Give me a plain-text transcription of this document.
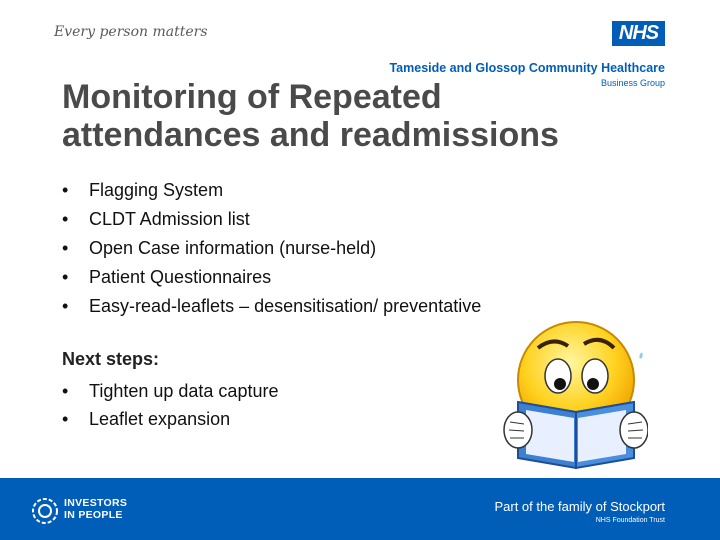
Every person matters	NHS
Tameside and Glossop Community Healthcare
Business Group
Monitoring of Repeated attendances and readmissions
•	Flagging System
•	CLDT Admission list
•	Open Case information (nurse-held)
•	Patient Questionnaires
•	Easy-read-leaflets – desensitisation/ preventative
Next steps:
•	Tighten up data capture
•	Leaflet expansion
INVESTORS
IN PEOPLE
Part of the family of Stockport
NHS Foundation Trust
